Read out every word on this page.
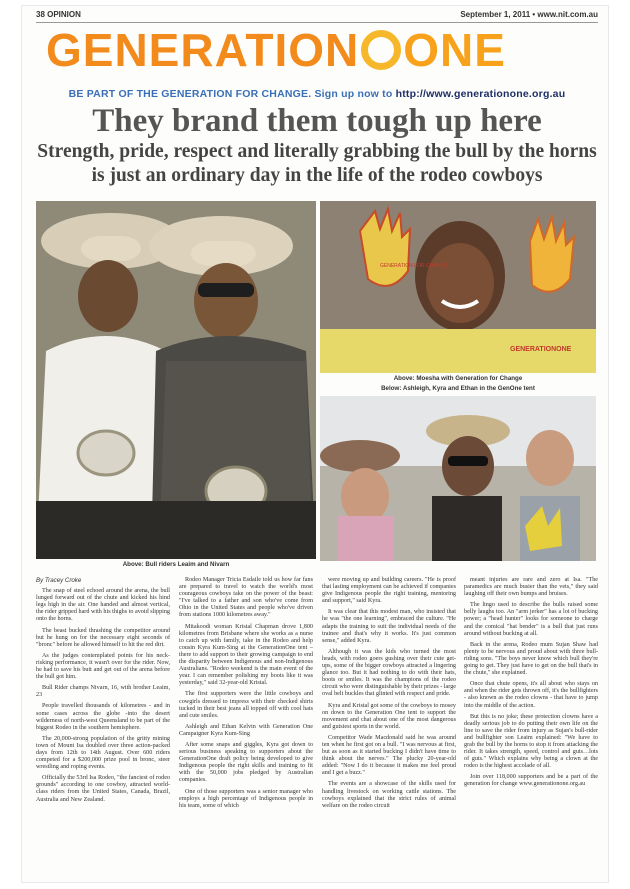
38 OPINION	September 1, 2011 • www.nit.com.au
GENERATION ONE
BE PART OF THE GENERATION FOR CHANGE. Sign up now to http://www.generationone.org.au
They brand them tough up here
Strength, pride, respect and literally grabbing the bull by the horns is just an ordinary day in the life of the rodeo cowboys
Above: Bull riders Leaim and Nivarn
GENERATION FOR CHANGE
GENERATIONONE
Above: Moesha with Generation for Change
Below: Ashleigh, Kyra and Ethan in the GenOne tent

By Tracey Croke

The snap of steel echoed around the arena, the bull lunged forward out of the chute and kicked his hind legs high in the air. One handed and almost vertical, the rider gripped hard with his thighs to avoid slipping onto the horns.

The beast bucked thrashing the competitor around but he hung on for the necessary eight seconds of "bronc" before he allowed himself to hit the red dirt.

As the judges contemplated points for his neck-risking performance, it wasn't over for the rider. Now, he had to save his butt and get out of the arena before the bull got him.

Bull Rider champs Nivarn, 16, with brother Leaim, 23

People travelled thousands of kilometres - and in some cases across the globe -into the desert wilderness of north-west Queensland to be part of the biggest Rodeo in the southern hemisphere.

The 20,000-strong population of the gritty mining town of Mount Isa doubled over three action-packed days from 12th to 14th August. Over 600 riders competed for a $200,000 prize pool in bronc, steer wrestling and roping events.

Officially the 53rd Isa Rodeo, "the fanciest of rodeo grounds" according to one cowboy, attracted world-class riders from the United States, Canada, Brazil, Australia and New Zealand.

Rodeo Manager Tricia Esdaile told us how far fans are prepared to travel to watch the world's most courageous cowboys take on the power of the beast: "I've talked to a father and son who've come from Ohio in the United States and people who've driven from stations 1000 kilometres away."

Mitakoodi woman Kristal Chapman drove 1,800 kilometres from Brisbane where she works as a nurse to catch up with family, take in the Rodeo and help cousin Kyra Kum-Sing at the GenerationOne tent – there to add support to their growing campaign to end the disparity between Indigenous and non-Indigenous Australians. "Rodeo weekend is the main event of the year. I can remember polishing my boots like it was yesterday," said 32-year-old Kristal.

The first supporters were the little cowboys and cowgirls dressed to impress with their checked shirts tucked in their best jeans all topped off with cool hats and cute smiles.

Ashleigh and Ethan Kelvin with Generation One Campaigner Kyra Kum-Sing

After some snaps and giggles, Kyra got down to serious business speaking to supporters about the GenerationOne draft policy being developed to give Indigenous people the right skills and training to fit with the 50,000 jobs pledged by Australian companies.

One of those supporters was a senior manager who employs a high percentage of Indigenous people in his team, some of which

were moving up and building careers. "He is proof that lasting employment can be achieved if companies give Indigenous people the right training, mentoring and support," said Kyra.

It was clear that this modest man, who insisted that he was "the one learning", embraced the culture. "He adapts the training to suit the individual needs of the trainee and that's why it works. It's just common sense," added Kyra.

Although it was the kids who turned the most heads, with rodeo goers gushing over their cute get-ups, some of the bigger cowboys attracted a lingering glance too. But it had nothing to do with their hats, boots or smiles. It was the champions of the rodeo circuit who were distinguishable by their prizes - large oval belt buckles that glinted with respect and pride.

Kyra and Kristal got some of the cowboys to mosey on down to the Generation One tent to support the movement and chat about one of the most dangerous and gutsiest sports in the world.

Competitor Wade Macdonald said he was around ten when he first got on a bull. "I was nervous at first, but as soon as it started bucking I didn't have time to think about the nerves." The plucky 20-year-old added: "Now I do it because it makes me feel proud and I get a buzz."

The events are a showcase of the skills used for handling livestock on working cattle stations. The cowboys explained that the strict rules of animal welfare on the rodeo circuit

meant injuries are rare and zero at Isa. "The paramedics are much busier than the vets," they said laughing off their own bumps and bruises.

The lingo used to describe the bulls raised some belly laughs too. An "arm jerker" has a lot of bucking power; a "head hunter" looks for someone to charge and the comical "hat bender" is a bull that just runs around without bucking at all.

Back in the arena, Rodeo mum Sujan Shaw had plenty to be nervous and proud about with three bull-riding sons. "The boys never know which bull they're going to get. They just have to get on the bull that's in the chute," she explained.

Once that chute opens, it's all about who stays on and when the rider gets thrown off, it's the bullfighters - also known as the rodeo clowns - that have to jump into the middle of the action.

But this is no joke; these protection clowns have a deadly serious job to do putting their own life on the line to save the rider from injury as Sujan's bull-rider and bullfighter son Leaim explained: "We have to grab the bull by the horns to stop it from attacking the rider. It takes strength, speed, control and guts…lots of guts." Which explains why being a clown at the rodeo is the highest accolade of all.

Join over 118,000 supporters and be a part of the generation for change www.generationone.org.au
